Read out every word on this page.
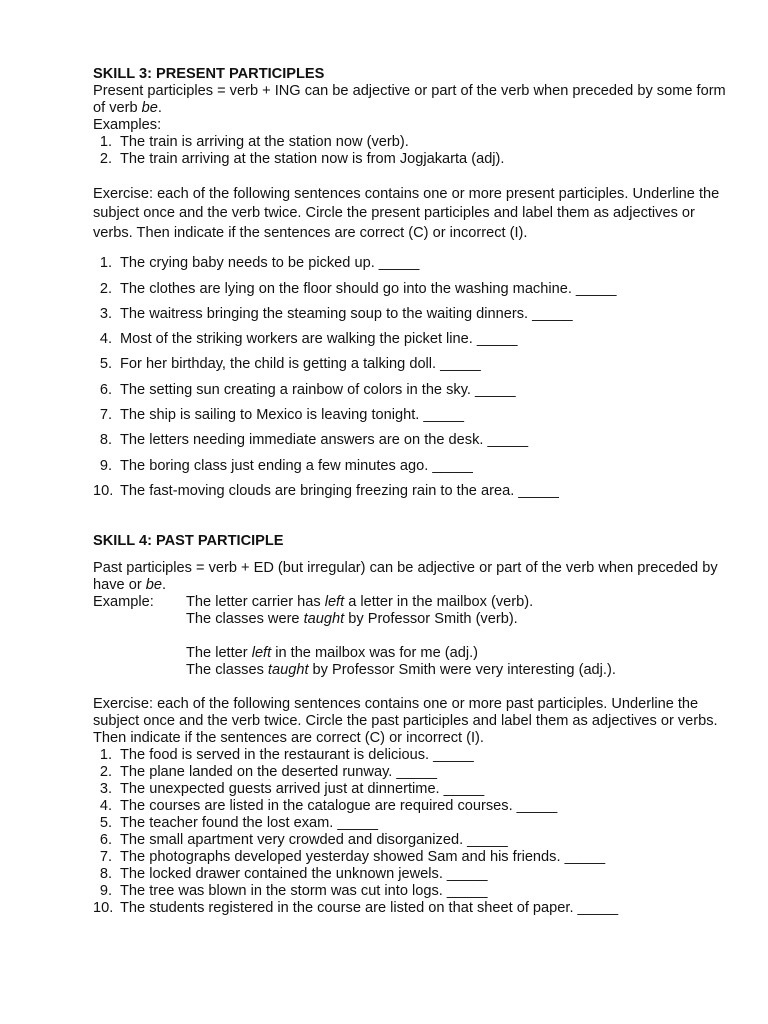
SKILL 3: PRESENT PARTICIPLES

Present participles = verb + ING can be adjective or part of the verb when preceded by some form of verb be.

Examples:

1. The train is arriving at the station now (verb).
2. The train arriving at the station now is from Jogjakarta (adj).

Exercise: each of the following sentences contains one or more present participles. Underline the subject once and the verb twice. Circle the present participles and label them as adjectives or verbs. Then indicate if the sentences are correct (C) or incorrect (I).

1. The crying baby needs to be picked up. _____
2. The clothes are lying on the floor should go into the washing machine. _____
3. The waitress bringing the steaming soup to the waiting dinners. _____
4. Most of the striking workers are walking the picket line. _____
5. For her birthday, the child is getting a talking doll. _____
6. The setting sun creating a rainbow of colors in the sky. _____
7. The ship is sailing to Mexico is leaving tonight. _____
8. The letters needing immediate answers are on the desk. _____
9. The boring class just ending a few minutes ago. _____
10. The fast-moving clouds are bringing freezing rain to the area. _____

SKILL 4: PAST PARTICIPLE

Past participles = verb + ED (but irregular) can be adjective or part of the verb when preceded by have or be.

Example:	The letter carrier has left a letter in the mailbox (verb).
The classes were taught by Professor Smith (verb).
The letter left in the mailbox was for me (adj.)
The classes taught by Professor Smith were very interesting (adj.).

Exercise: each of the following sentences contains one or more past participles. Underline the subject once and the verb twice. Circle the past participles and label them as adjectives or verbs. Then indicate if the sentences are correct (C) or incorrect (I).

1. The food is served in the restaurant is delicious. _____
2. The plane landed on the deserted runway. _____
3. The unexpected guests arrived just at dinnertime. _____
4. The courses are listed in the catalogue are required courses. _____
5. The teacher found the lost exam. _____
6. The small apartment very crowded and disorganized. _____
7. The photographs developed yesterday showed Sam and his friends. _____
8. The locked drawer contained the unknown jewels. _____
9. The tree was blown in the storm was cut into logs. _____
10. The students registered in the course are listed on that sheet of paper. _____
